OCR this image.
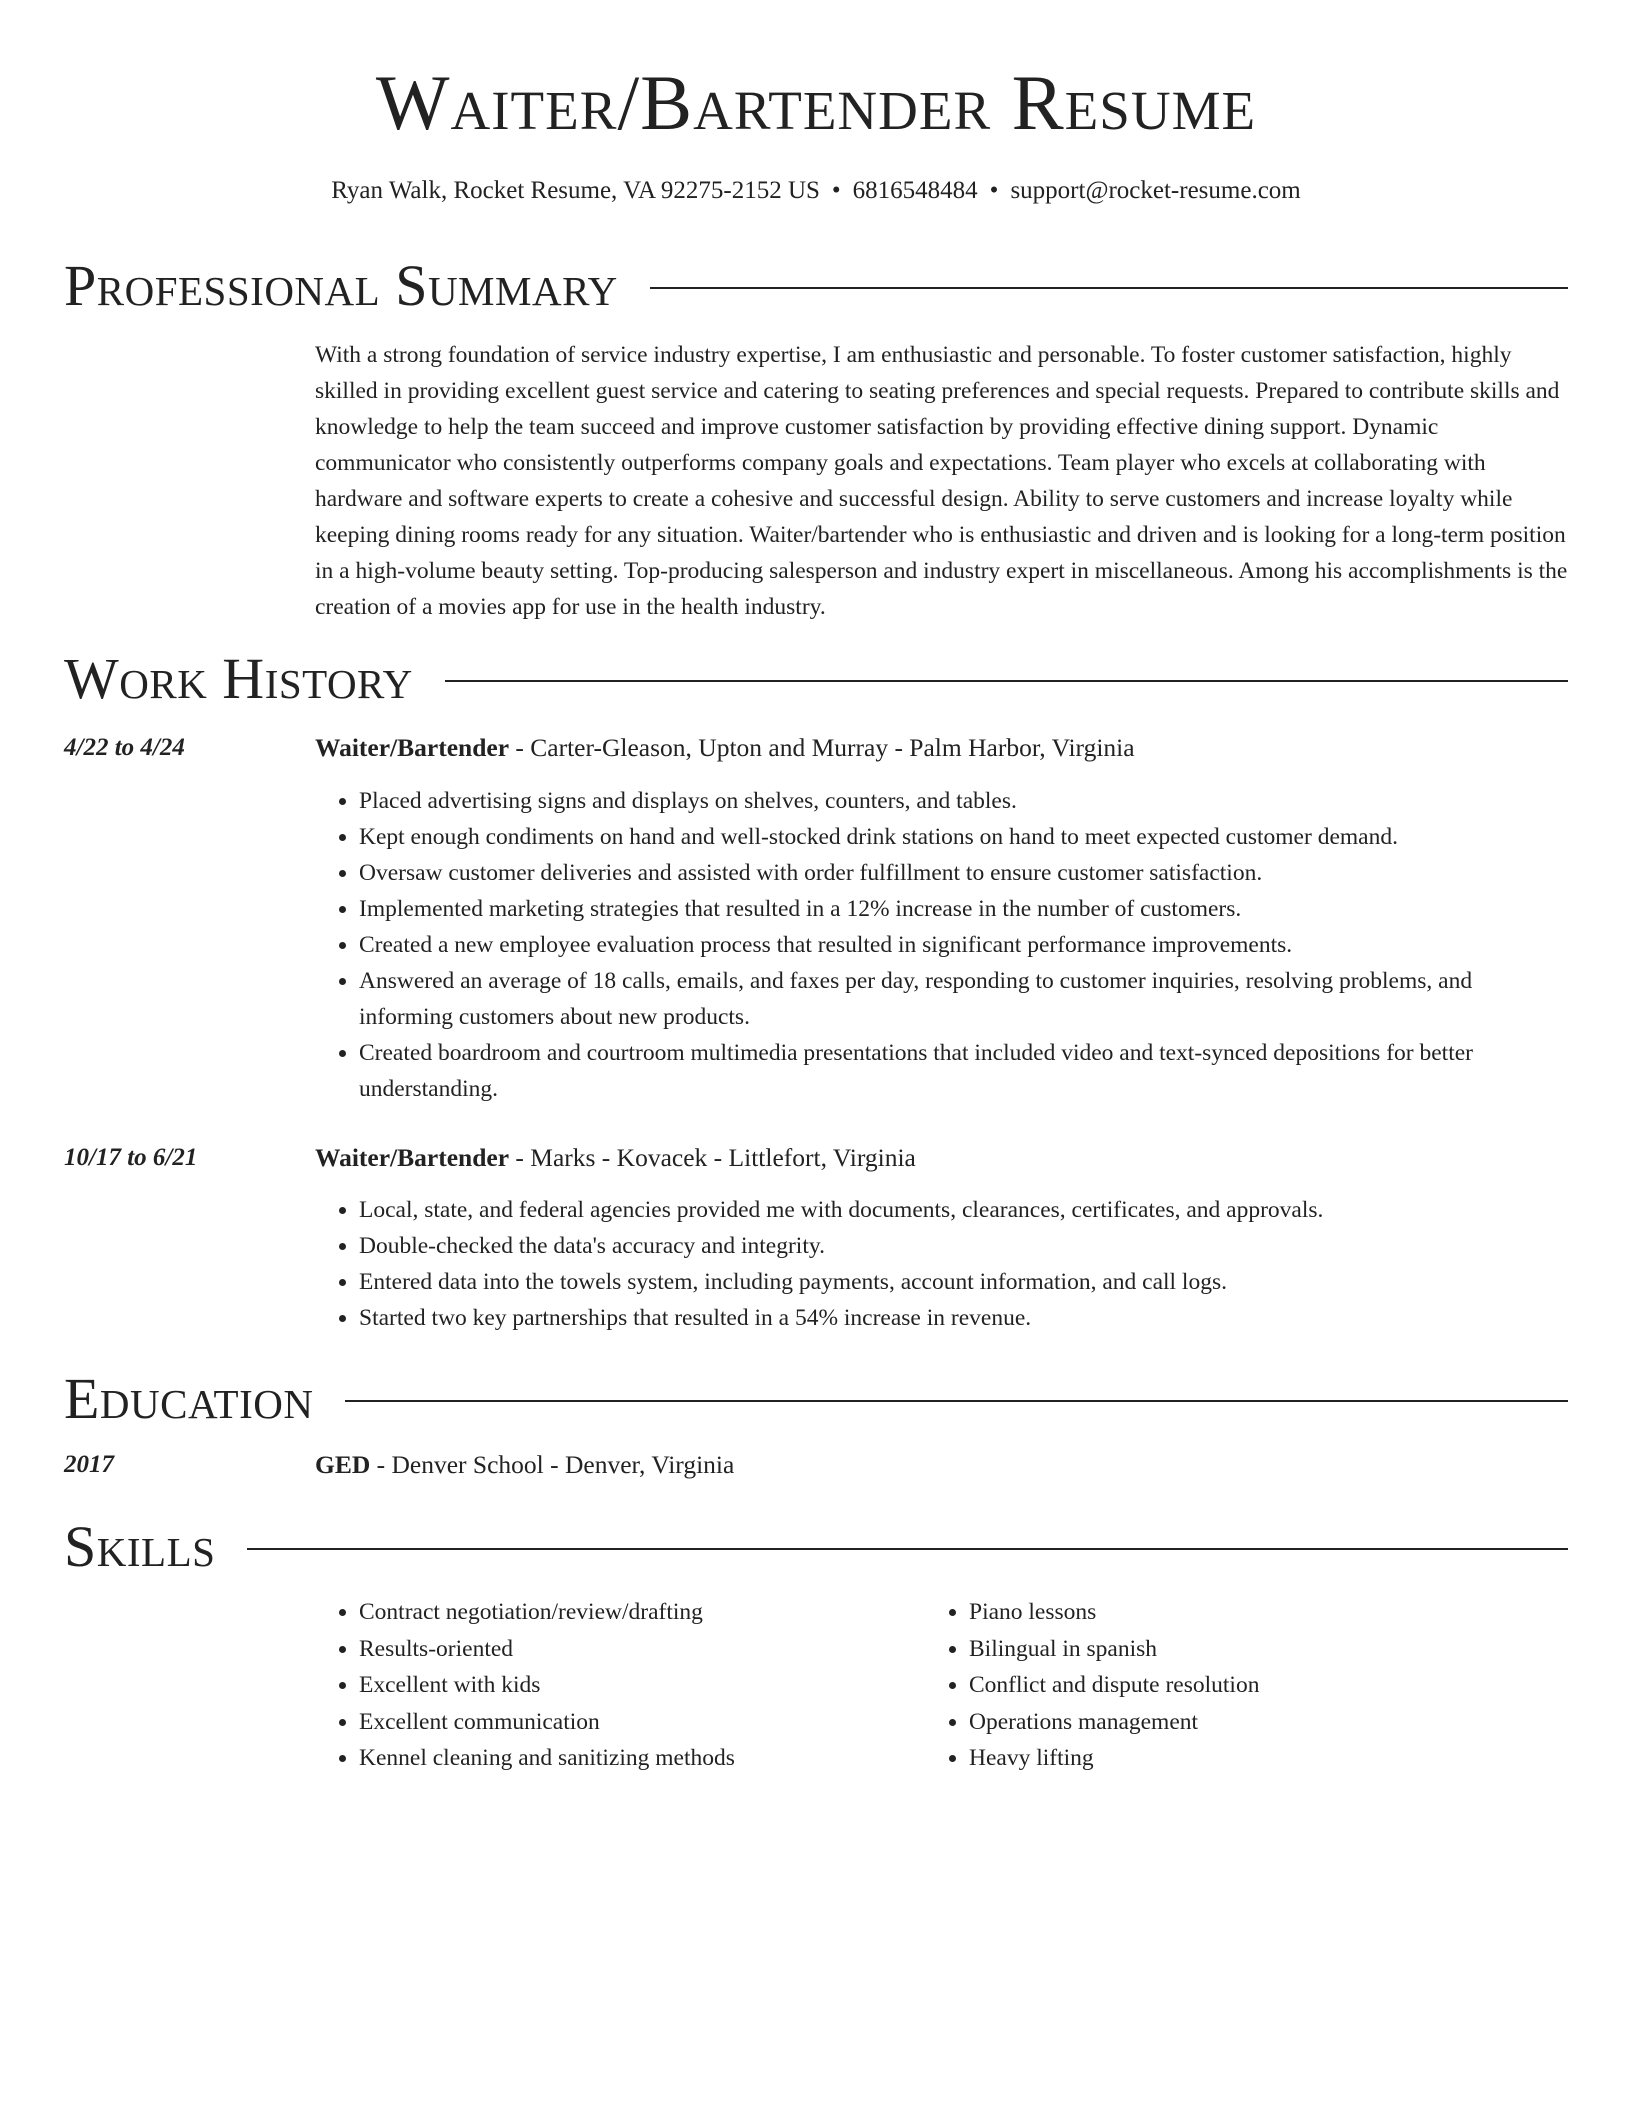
Waiter/Bartender Resume
Ryan Walk, Rocket Resume, VA 92275-2152 US • 6816548484 • support@rocket-resume.com
Professional Summary

With a strong foundation of service industry expertise, I am enthusiastic and personable. To foster customer satisfaction, highly skilled in providing excellent guest service and catering to seating preferences and special requests. Prepared to contribute skills and knowledge to help the team succeed and improve customer satisfaction by providing effective dining support. Dynamic communicator who consistently outperforms company goals and expectations. Team player who excels at collaborating with hardware and software experts to create a cohesive and successful design. Ability to serve customers and increase loyalty while keeping dining rooms ready for any situation. Waiter/bartender who is enthusiastic and driven and is looking for a long-term position in a high-volume beauty setting. Top-producing salesperson and industry expert in miscellaneous. Among his accomplishments is the creation of a movies app for use in the health industry.

Work History
4/22 to 4/24	Waiter/Bartender - Carter-Gleason, Upton and Murray - Palm Harbor, Virginia
• Placed advertising signs and displays on shelves, counters, and tables.
• Kept enough condiments on hand and well-stocked drink stations on hand to meet expected customer demand.
• Oversaw customer deliveries and assisted with order fulfillment to ensure customer satisfaction.
• Implemented marketing strategies that resulted in a 12% increase in the number of customers.
• Created a new employee evaluation process that resulted in significant performance improvements.
• Answered an average of 18 calls, emails, and faxes per day, responding to customer inquiries, resolving problems, and informing customers about new products.
• Created boardroom and courtroom multimedia presentations that included video and text-synced depositions for better understanding.
10/17 to 6/21	Waiter/Bartender - Marks - Kovacek - Littlefort, Virginia
• Local, state, and federal agencies provided me with documents, clearances, certificates, and approvals.
• Double-checked the data's accuracy and integrity.
• Entered data into the towels system, including payments, account information, and call logs.
• Started two key partnerships that resulted in a 54% increase in revenue.
Education
2017	GED - Denver School - Denver, Virginia
Skills
• Contract negotiation/review/drafting
• Results-oriented
• Excellent with kids
• Excellent communication
• Kennel cleaning and sanitizing methods
• Piano lessons
• Bilingual in spanish
• Conflict and dispute resolution
• Operations management
• Heavy lifting
